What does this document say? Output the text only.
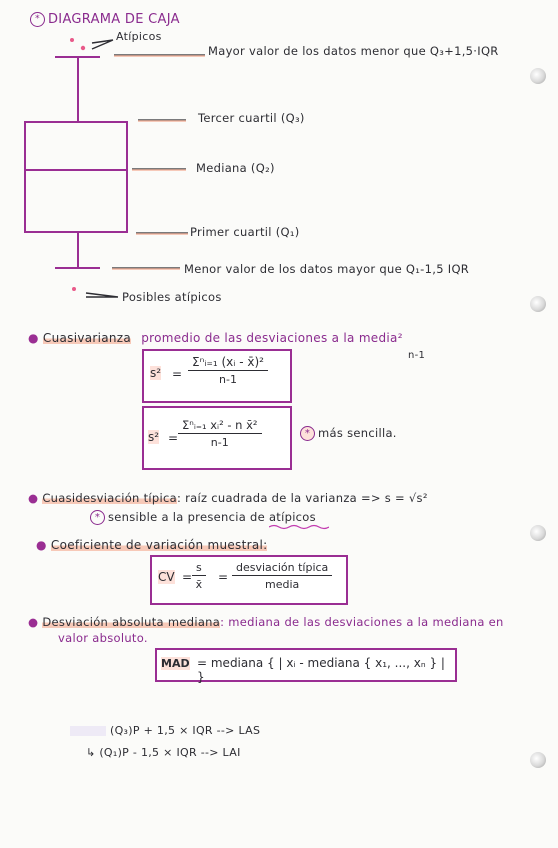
* DIAGRAMA DE CAJA
Atípicos
Mayor valor de los datos menor que Q₃+1,5·IQR
Tercer cuartil (Q₃)
Mediana (Q₂)
Primer cuartil (Q₁)
Menor valor de los datos mayor que Q₁-1,5 IQR
Posibles atípicos
● Cuasivarianza promedio de las desviaciones a la media²
n-1
s² =
Σⁿᵢ₌₁ (xᵢ - x̄)²
n-1
s² =
Σⁿᵢ₌₁ xᵢ² - n x̄²
n-1
* más sencilla.
● Cuasidesviación típica: raíz cuadrada de la varianza => s = √s²
* sensible a la presencia de atípicos
● Coeficiente de variación muestral:
CV = $\frac{s}{x̄}$ =
desviación típica
media
● Desviación absoluta mediana: mediana de las desviaciones a la mediana en
valor absoluto.
MAD = mediana { | xᵢ - mediana { x₁, ..., xₙ } | }
(Q₃)P + 1,5 × IQR --> LAS
↳ (Q₁)P - 1,5 × IQR --> LAI
